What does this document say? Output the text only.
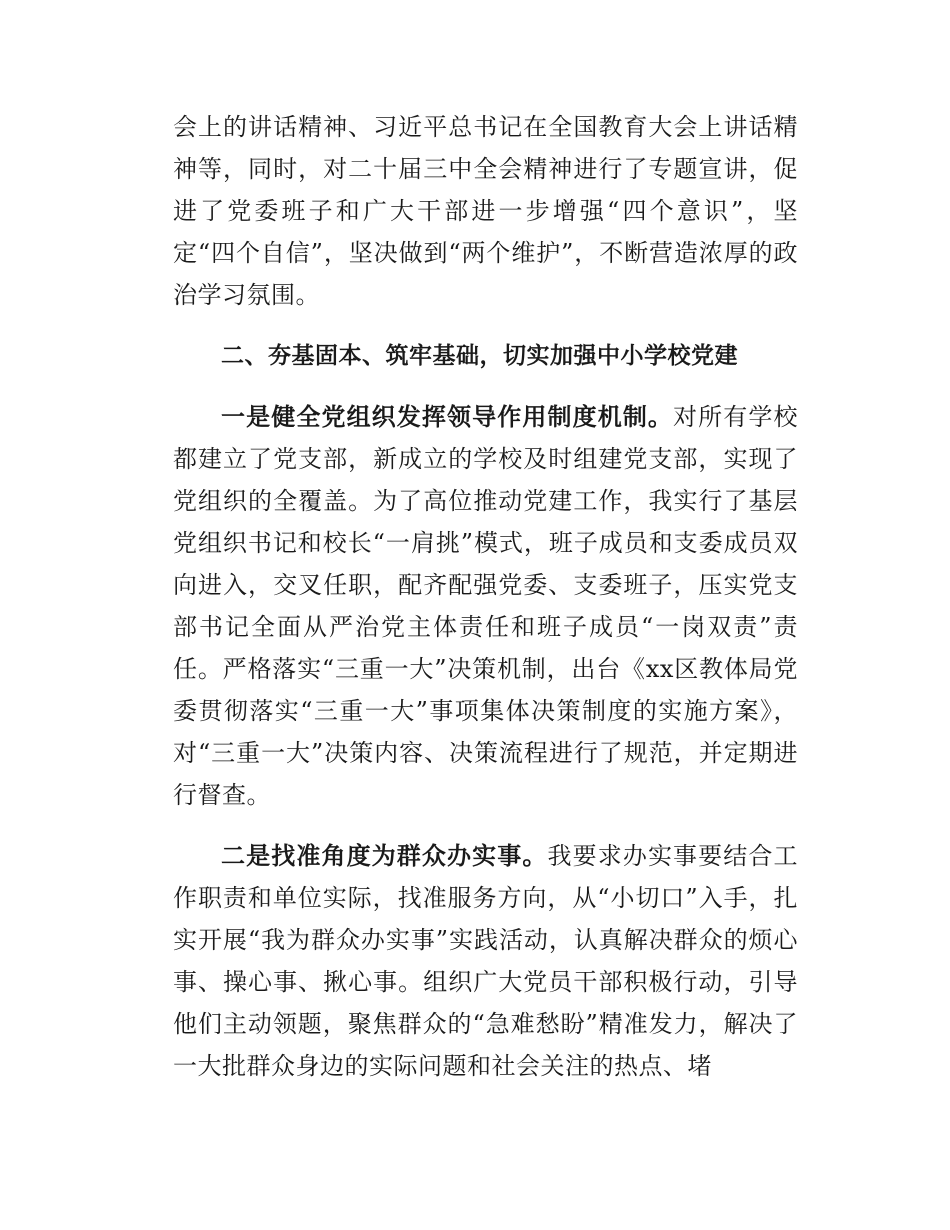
会上的讲话精神、习近平总书记在全国教育大会上讲话精神等，同时，对二十届三中全会精神进行了专题宣讲，促进了党委班子和广大干部进一步增强“四个意识”，坚定“四个自信”，坚决做到“两个维护”，不断营造浓厚的政治学习氛围。

二、夯基固本、筑牢基础，切实加强中小学校党建

一是健全党组织发挥领导作用制度机制。对所有学校都建立了党支部，新成立的学校及时组建党支部，实现了党组织的全覆盖。为了高位推动党建工作，我实行了基层党组织书记和校长“一肩挑”模式，班子成员和支委成员双向进入，交叉任职，配齐配强党委、支委班子，压实党支部书记全面从严治党主体责任和班子成员“一岗双责”责任。严格落实“三重一大”决策机制，出台《xx区教体局党委贯彻落实“三重一大”事项集体决策制度的实施方案》，对“三重一大”决策内容、决策流程进行了规范，并定期进行督查。

二是找准角度为群众办实事。我要求办实事要结合工作职责和单位实际，找准服务方向，从“小切口”入手，扎实开展“我为群众办实事”实践活动，认真解决群众的烦心事、操心事、揪心事。组织广大党员干部积极行动，引导他们主动领题，聚焦群众的“急难愁盼”精准发力，解决了一大批群众身边的实际问题和社会关注的热点、堵
